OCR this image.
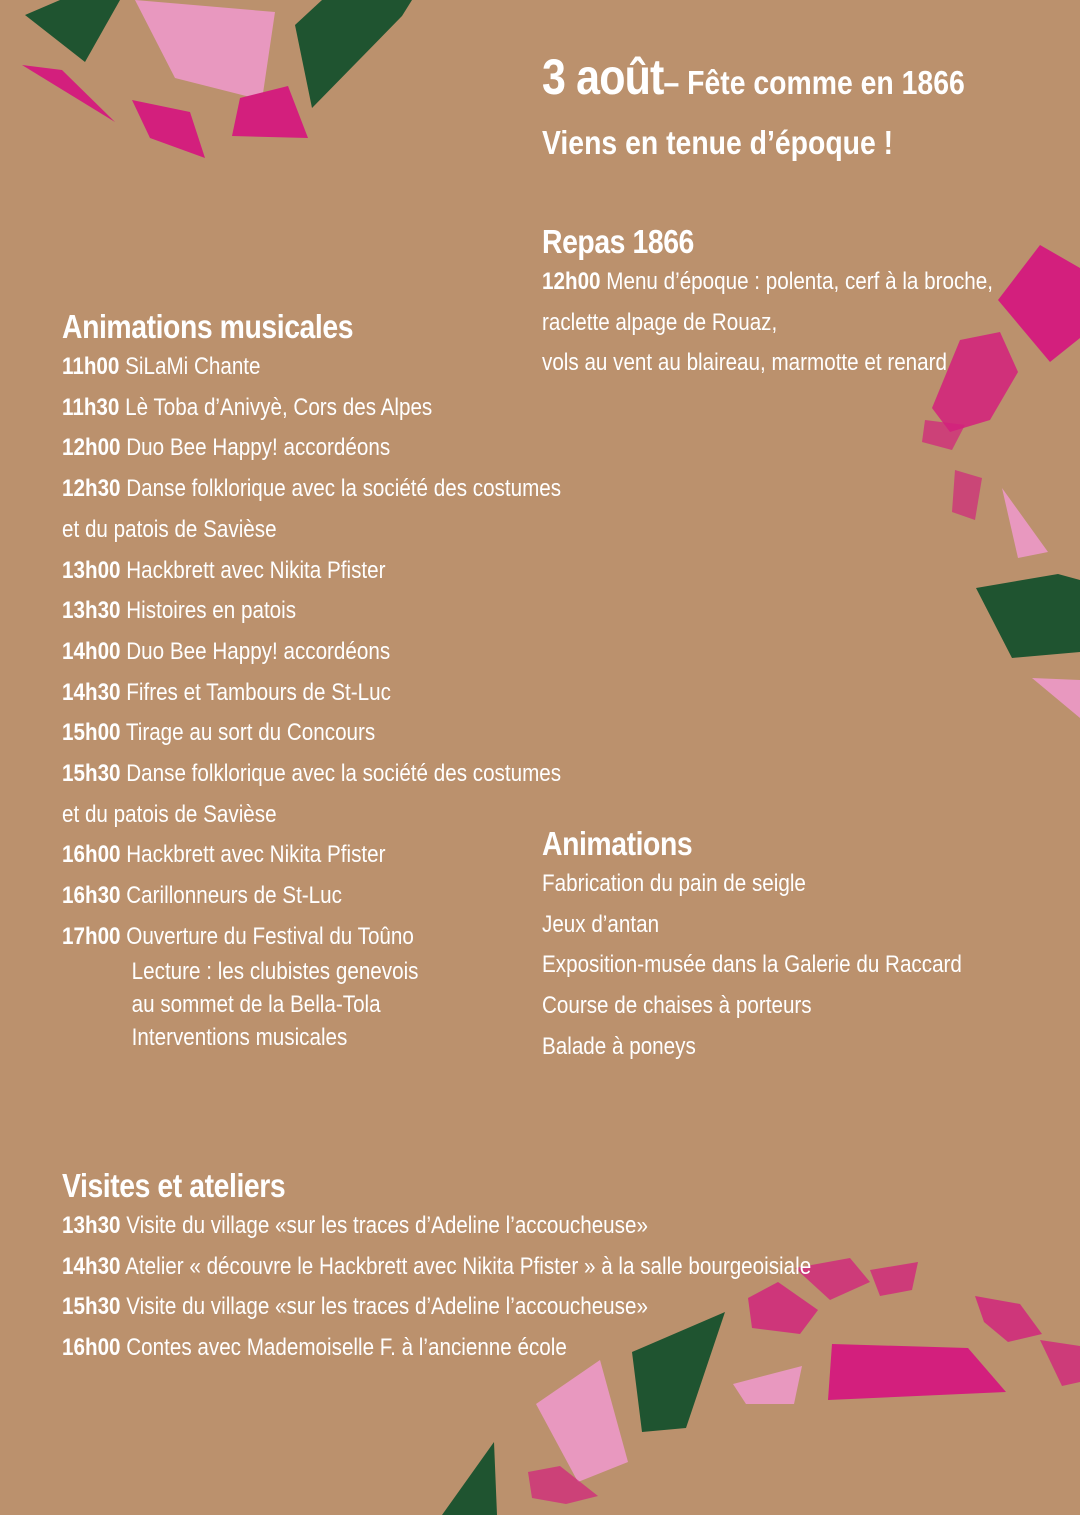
3 août– Fête comme en 1866
Viens en tenue d’époque !
Repas 1866
12h00 Menu d’époque : polenta, cerf à la broche,
raclette alpage de Rouaz,
vols au vent au blaireau, marmotte et renard
Animations musicales
11h00 SiLaMi Chante
11h30 Lè Toba d’Anivyè, Cors des Alpes
12h00 Duo Bee Happy! accordéons
12h30 Danse folklorique avec la société des costumes
et du patois de Savièse
13h00 Hackbrett avec Nikita Pfister
13h30 Histoires en patois
14h00 Duo Bee Happy! accordéons
14h30 Fifres et Tambours de St-Luc
15h00 Tirage au sort du Concours
15h30 Danse folklorique avec la société des costumes
et du patois de Savièse
16h00 Hackbrett avec Nikita Pfister
16h30 Carillonneurs de St-Luc
17h00 Ouverture du Festival du Toûno
Lecture : les clubistes genevois
au sommet de la Bella-Tola
Interventions musicales
Animations
Fabrication du pain de seigle
Jeux d’antan
Exposition-musée dans la Galerie du Raccard
Course de chaises à porteurs
Balade à poneys
Visites et ateliers
13h30 Visite du village «sur les traces d’Adeline l’accoucheuse»
14h30 Atelier « découvre le Hackbrett avec Nikita Pfister » à la salle bourgeoisiale
15h30 Visite du village «sur les traces d’Adeline l’accoucheuse»
16h00 Contes avec Mademoiselle F. à l’ancienne école
